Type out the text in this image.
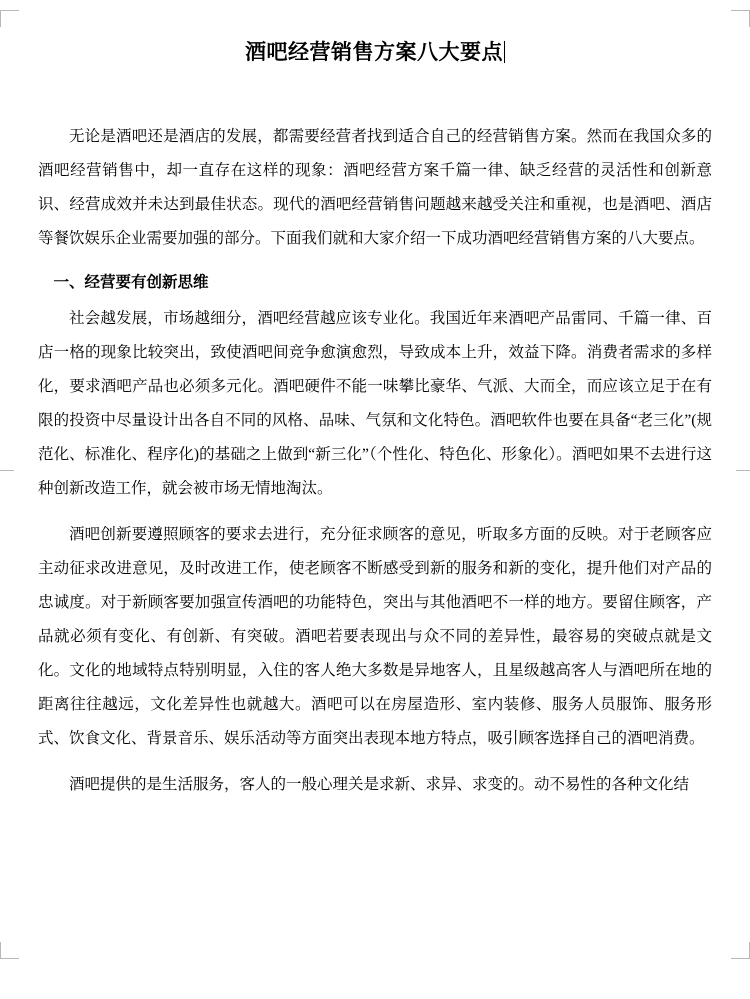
酒吧经营销售方案八大要点

无论是酒吧还是酒店的发展，都需要经营者找到适合自己的经营销售方案。然而在我国众多的酒吧经营销售中，却一直存在这样的现象：酒吧经营方案千篇一律、缺乏经营的灵活性和创新意识、经营成效并未达到最佳状态。现代的酒吧经营销售问题越来越受关注和重视，也是酒吧、酒店等餐饮娱乐企业需要加强的部分。下面我们就和大家介绍一下成功酒吧经营销售方案的八大要点。

一、经营要有创新思维

社会越发展，市场越细分，酒吧经营越应该专业化。我国近年来酒吧产品雷同、千篇一律、百店一格的现象比较突出，致使酒吧间竞争愈演愈烈，导致成本上升，效益下降。消费者需求的多样化，要求酒吧产品也必须多元化。酒吧硬件不能一味攀比豪华、气派、大而全，而应该立足于在有限的投资中尽量设计出各自不同的风格、品味、气氛和文化特色。酒吧软件也要在具备“老三化”(规范化、标准化、程序化)的基础之上做到“新三化”（个性化、特色化、形象化）。酒吧如果不去进行这种创新改造工作，就会被市场无情地淘汰。

酒吧创新要遵照顾客的要求去进行，充分征求顾客的意见，听取多方面的反映。对于老顾客应主动征求改进意见，及时改进工作，使老顾客不断感受到新的服务和新的变化，提升他们对产品的忠诚度。对于新顾客要加强宣传酒吧的功能特色，突出与其他酒吧不一样的地方。要留住顾客，产品就必须有变化、有创新、有突破。酒吧若要表现出与众不同的差异性，最容易的突破点就是文化。文化的地域特点特别明显，入住的客人绝大多数是异地客人，且星级越高客人与酒吧所在地的距离往往越远，文化差异性也就越大。酒吧可以在房屋造形、室内装修、服务人员服饰、服务形式、饮食文化、背景音乐、娱乐活动等方面突出表现本地方特点，吸引顾客选择自己的酒吧消费。

酒吧提供的是生活服务，客人的一般心理关是求新、求异、求变的。动不易性的各种文化结
